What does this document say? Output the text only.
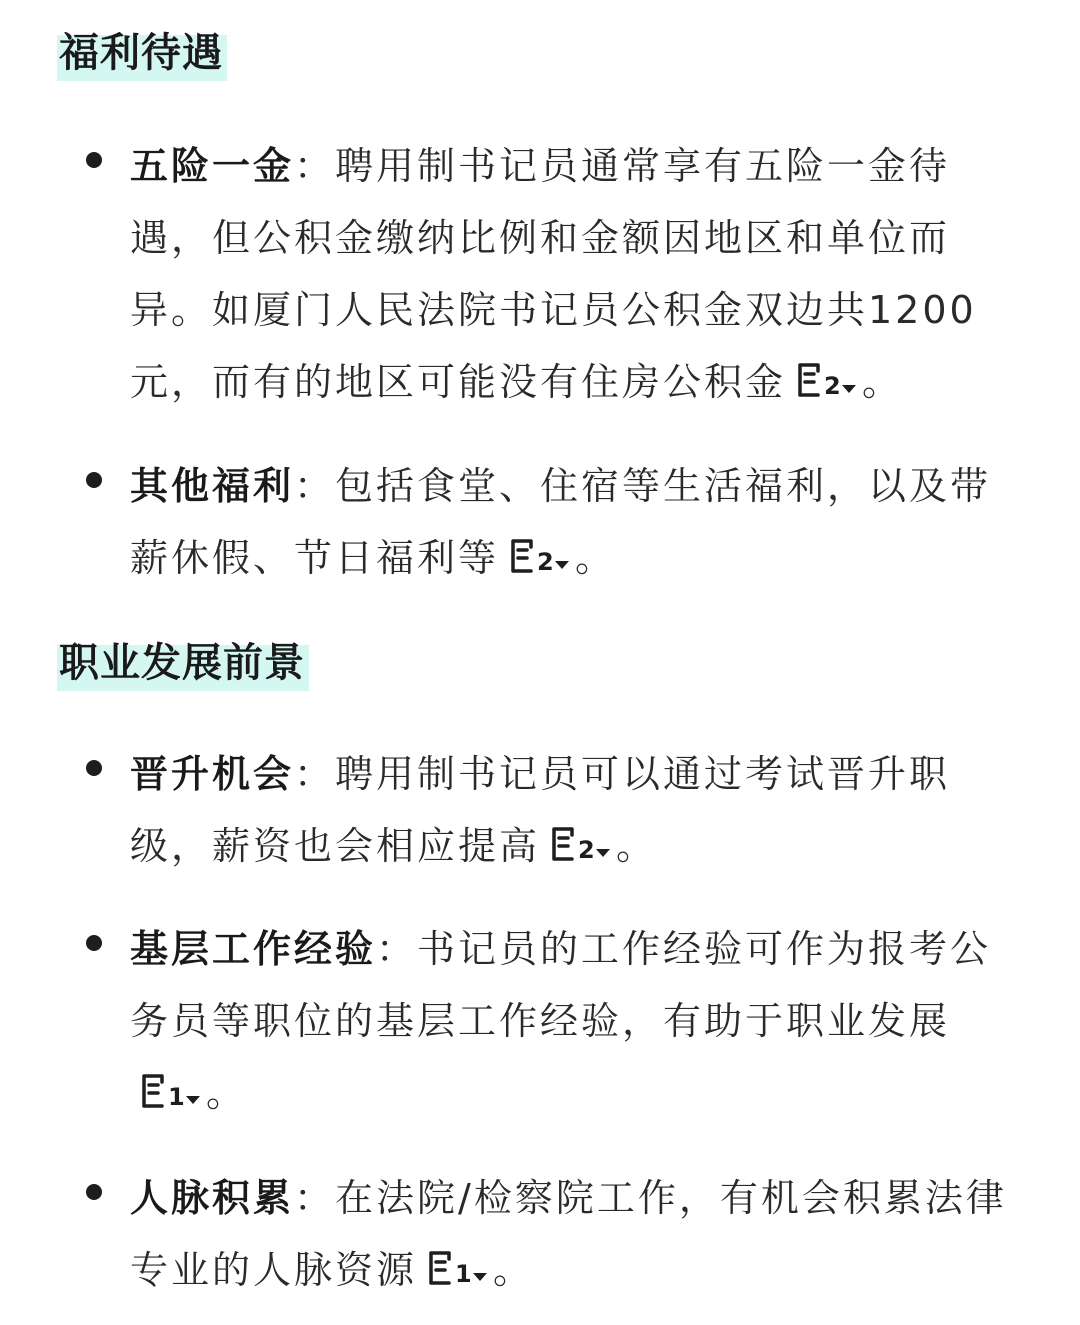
福利待遇
五险一金：聘用制书记员通常享有五险一金待遇，但公积金缴纳比例和金额因地区和单位而异。如厦门人民法院书记员公积金双边共1200元，而有的地区可能没有住房公积金 2 。
其他福利：包括食堂、住宿等生活福利，以及带薪休假、节日福利等 2 。
职业发展前景
晋升机会：聘用制书记员可以通过考试晋升职级，薪资也会相应提高 2 。
基层工作经验：书记员的工作经验可作为报考公务员等职位的基层工作经验，有助于职业发展
1 。
人脉积累：在法院/检察院工作，有机会积累法律专业的人脉资源 1 。
